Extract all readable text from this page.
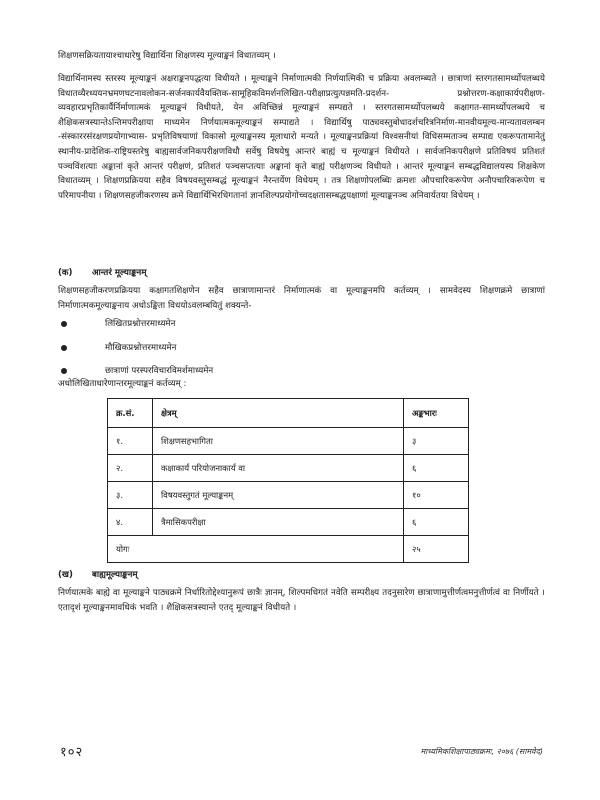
शिक्षणसक्रियतायाश्चाधारेषु विद्यार्थिना शिक्षणस्य मूल्याङ्कनं विधातव्यम् ।

विद्यार्थिनामस्य स्तरस्य मूल्याङ्कनं अक्षराङ्कनपद्धत्या विधीयते । मूल्याङ्कने निर्माणात्मकी निर्णयात्मिकी च प्रक्रिया अवलम्ब्यते । छात्राणां स्तरगतसामर्थ्योपलब्धये विधातव्यैरध्ययनभ्रमणघटनावलोकन-सर्जनकार्यवैयक्तिक-सामूहिकविमर्शनलिखित-परीक्षाप्रत्युत्पन्नमति-प्रदर्शन- प्रश्नोत्तरण-कक्षाकार्यपरीक्षण-व्यवहारप्रभृतिकार्यैर्निर्माणात्मकं मूल्याङ्कनं विधीयते, येन अविच्छिन्नं मूल्याङ्कनं सम्पद्यते । स्तरगतसामर्थ्योपलब्धये कक्षागत-सामर्थ्योपलब्धये च शैक्षिकसत्रस्यान्तेऽन्तिमपरीक्षाया माध्यमेन निर्णयात्मकमूल्याङ्कनं सम्पाद्यते । विद्यार्थिषु पाठ्यवस्तुबोधादर्शचरित्रनिर्माण-मानवीयमूल्य-मान्यतावलम्बन -संस्काररसंरक्षणप्रयोगाभ्यास- प्रभृतिविषयाणां विकासो मूल्याङ्कनस्य मूलाधारो मन्यते । मूल्याङ्कनप्रक्रियां विश्वसनीयां विधिसम्मताञ्च सम्पाद्य एकरूपतामानेतुं स्थानीय-प्रादेशिक-राष्ट्रियस्तरेषु बाह्यसार्वजनिकपरीक्षणविधौ सर्वेषु विषयेषु आन्तरं बाह्यं च मूल्याङ्कनं विधीयते । सार्वजनिकपरीक्षणे प्रतिविषयं प्रतिशतं पञ्चविंशत्याः अङ्कानां कृते आन्तरं परीक्षणं, प्रतिशतं पञ्चसप्तत्याः अङ्कानां कृते बाह्यं परीक्षणञ्च विधीयते । आन्तरं मूल्याङ्कनं सम्बद्धविद्यालयस्य शिक्षकेण विधातव्यम् । शिक्षणप्रक्रियया सहैव विषयवस्तुसम्बद्धं मूल्याङ्कनं नैरन्तर्येण विधेयम् । तत्र शिक्षणोपलब्धिः क्रमशः औपचारिकरूपेण अनौपचारिकरूपेण च परिमापनीया । शिक्षणसहजीकरणस्य क्रमे विद्यार्थिभिरधिगतानां ज्ञानशिल्पप्रयोगोच्चदक्षतासम्बद्धपक्षाणां मूल्याङ्कनञ्च अनिवार्यतया विधेयम् ।

(क)	आन्तरं मूल्याङ्कनम्

शिक्षणसहजीकरणप्रक्रियया कक्षागतशिक्षणेन सहैव छात्राणामान्तरं निर्माणात्मकं वा मूल्याङ्कनमपि कर्तव्यम् । सामवेदस्य शिक्षणक्रमे छात्राणां निर्माणात्मकमूल्याङ्कनाय अधोऽङ्किता विधयोऽवलम्बयितुं शक्यन्ते-

लिखितप्रश्नोत्तरमाध्यमेन
मौखिकप्रश्नोत्तरमाध्यमेन
छात्राणां परस्परविचारविमर्शमाध्यमेन
अधोलिखिताधारेणान्तरमूल्याङ्कनं कर्तव्यम् :
क्र.सं.	क्षेत्रम्	अङ्कभारः
१.	शिक्षणसहभागिता	३
२.	कक्षाकार्यं परियोजनाकार्यं वा	६
३.	विषयवस्तुगतं मूल्याङ्कनम्	१०
४.	त्रैमासिकपरीक्षा	६
योगः		२५
(ख)	बाह्यमूल्याङ्कनम्

निर्णयात्मके बाह्ये वा मूल्याङ्कने पाठ्यक्रमे निर्धारितोद्देश्यानुरूपं छात्रैः ज्ञानम्, शिल्पमधिगतं नवेति सम्परीक्ष्य तदनुसारेण छात्राणामुत्तीर्णत्वमनुत्तीर्णत्वं वा निर्णीयते । एतादृशं मूल्याङ्कनमावधिकं भवति । शैक्षिकसत्रस्यान्ते एतद् मूल्याङ्कनं विधीयते ।

१०२	माध्यमिकशिक्षापाठ्यक्रमः, २०७६ (सामवेद)
